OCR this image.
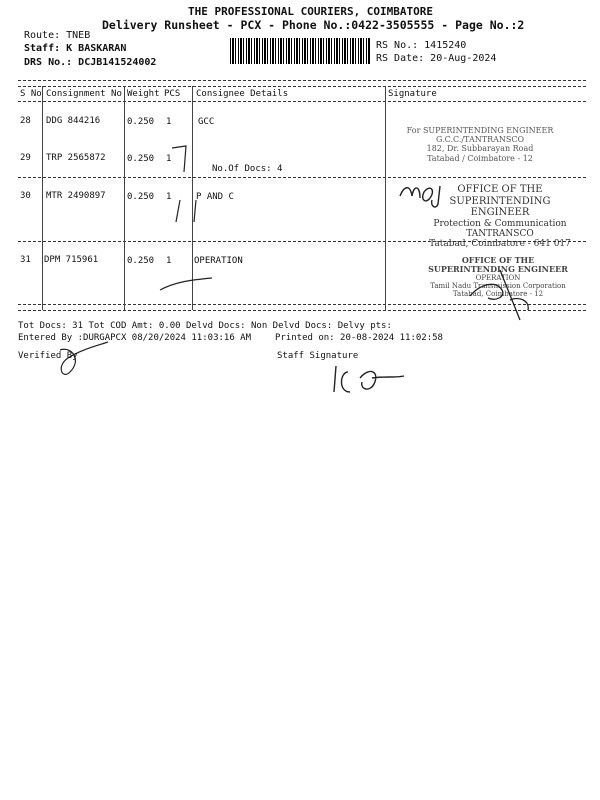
THE PROFESSIONAL COURIERS, COIMBATORE
Delivery Runsheet - PCX - Phone No.:0422-3505555 - Page No.:2
Route: TNEB
Staff: K BASKARAN
DRS No.: DCJB141524002
RS No.: 1415240
RS Date: 20-Aug-2024
S No Consignment No Weight PCS Consignee Details	Signature
28 DDG 844216	0.250 1	GCC
29 TRP 2565872 0.250 1
No.Of Docs: 4
30 MTR 2490897 0.250 1	P AND C
31 DPM 715961	0.250 1	OPERATION
For SUPERINTENDING ENGINEER
G.C.C./TANTRANSCO
182, Dr. Subbarayan Road
Tatabad / Coimbatore - 12
OFFICE OF THE
SUPERINTENDING ENGINEER
Protection & Communication
TANTRANSCO
Tatabad, Coimbatore - 641 017
OFFICE OF THE
SUPERINTENDING ENGINEER
OPERATION
Tamil Nadu Transmission Corporation
Tatabad, Coimbatore - 12
Tot Docs: 31 Tot COD Amt: 0.00 Delvd Docs: Non Delvd Docs: Delvy pts:
Entered By :DURGAPCX 08/20/2024 11:03:16 AM	Printed on: 20-08-2024 11:02:58
Verified By	Staff Signature
